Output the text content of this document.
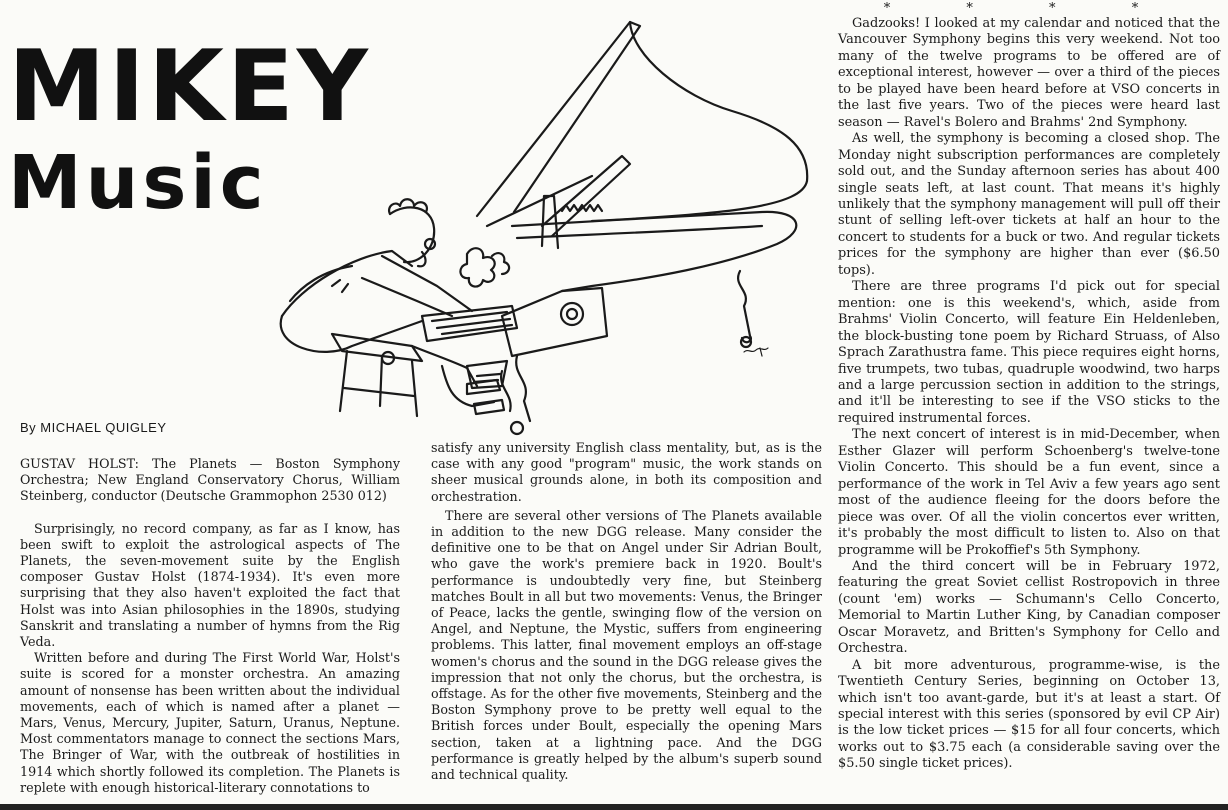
MIKEY
Music
By MICHAEL QUIGLEY

GUSTAV HOLST: The Planets — Boston Symphony Orchestra; New England Conservatory Chorus, William Steinberg, conductor (Deutsche Grammophon 2530 012)

Surprisingly, no record company, as far as I know, has been swift to exploit the astrological aspects of The Planets, the seven-movement suite by the English composer Gustav Holst (1874-1934). It's even more surprising that they also haven't exploited the fact that Holst was into Asian philosophies in the 1890s, studying Sanskrit and translating a number of hymns from the Rig Veda.

Written before and during The First World War, Holst's suite is scored for a monster orchestra. An amazing amount of nonsense has been written about the individual movements, each of which is named after a planet — Mars, Venus, Mercury, Jupiter, Saturn, Uranus, Neptune. Most commentators manage to connect the sections Mars, The Bringer of War, with the outbreak of hostilities in 1914 which shortly followed its completion. The Planets is replete with enough historical-literary connotations to

satisfy any university English class mentality, but, as is the case with any good "program" music, the work stands on sheer musical grounds alone, in both its composition and orchestration.

There are several other versions of The Planets available in addition to the new DGG release. Many consider the definitive one to be that on Angel under Sir Adrian Boult, who gave the work's premiere back in 1920. Boult's performance is undoubtedly very fine, but Steinberg matches Boult in all but two movements: Venus, the Bringer of Peace, lacks the gentle, swinging flow of the version on Angel, and Neptune, the Mystic, suffers from engineering problems. This latter, final movement employs an off-stage women's chorus and the sound in the DGG release gives the impression that not only the chorus, but the orchestra, is offstage. As for the other five movements, Steinberg and the Boston Symphony prove to be pretty well equal to the British forces under Boult, especially the opening Mars section, taken at a lightning pace. And the DGG performance is greatly helped by the album's superb sound and technical quality.

* * * *

Gadzooks! I looked at my calendar and noticed that the Vancouver Symphony begins this very weekend. Not too many of the twelve programs to be offered are of exceptional interest, however — over a third of the pieces to be played have been heard before at VSO concerts in the last five years. Two of the pieces were heard last season — Ravel's Bolero and Brahms' 2nd Symphony.

As well, the symphony is becoming a closed shop. The Monday night subscription performances are completely sold out, and the Sunday afternoon series has about 400 single seats left, at last count. That means it's highly unlikely that the symphony management will pull off their stunt of selling left-over tickets at half an hour to the concert to students for a buck or two. And regular tickets prices for the symphony are higher than ever ($6.50 tops).

There are three programs I'd pick out for special mention: one is this weekend's, which, aside from Brahms' Violin Concerto, will feature Ein Heldenleben, the block-busting tone poem by Richard Struass, of Also Sprach Zarathustra fame. This piece requires eight horns, five trumpets, two tubas, quadruple woodwind, two harps and a large percussion section in addition to the strings, and it'll be interesting to see if the VSO sticks to the required instrumental forces.

The next concert of interest is in mid-December, when Esther Glazer will perform Schoenberg's twelve-tone Violin Concerto. This should be a fun event, since a performance of the work in Tel Aviv a few years ago sent most of the audience fleeing for the doors before the piece was over. Of all the violin concertos ever written, it's probably the most difficult to listen to. Also on that programme will be Prokoffief's 5th Symphony.

And the third concert will be in February 1972, featuring the great Soviet cellist Rostropovich in three (count 'em) works — Schumann's Cello Concerto, Memorial to Martin Luther King, by Canadian composer Oscar Moravetz, and Britten's Symphony for Cello and Orchestra.

A bit more adventurous, programme-wise, is the Twentieth Century Series, beginning on October 13, which isn't too avant-garde, but it's at least a start. Of special interest with this series (sponsored by evil CP Air) is the low ticket prices — $15 for all four concerts, which works out to $3.75 each (a considerable saving over the $5.50 single ticket prices).
